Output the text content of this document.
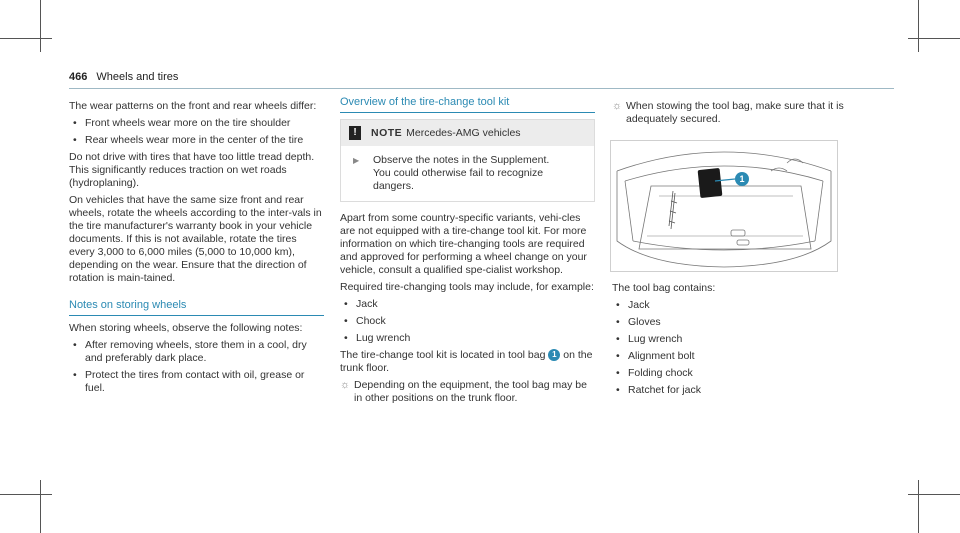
466 Wheels and tires

The wear patterns on the front and rear wheels differ:

• Front wheels wear more on the tire shoulder
• Rear wheels wear more in the center of the tire

Do not drive with tires that have too little tread depth. This significantly reduces traction on wet roads (hydroplaning).

On vehicles that have the same size front and rear wheels, rotate the wheels according to the inter-vals in the tire manufacturer's warranty book in your vehicle documents. If this is not available, rotate the tires every 3,000 to 6,000 miles (5,000 to 10,000 km), depending on the wear. Ensure that the direction of rotation is main-tained.

Notes on storing wheels

When storing wheels, observe the following notes:

• After removing wheels, store them in a cool, dry and preferably dark place.
• Protect the tires from contact with oil, grease or fuel.
Overview of the tire-change tool kit
!	NOTE Mercedes-AMG vehicles
▶ Observe the notes in the Supplement.
You could otherwise fail to recognize dangers.

Apart from some country-specific variants, vehi-cles are not equipped with a tire-change tool kit. For more information on which tire-changing tools are required and approved for performing a wheel change on your vehicle, consult a qualified spe-cialist workshop.

Required tire-changing tools may include, for example:

• Jack
• Chock
• Lug wrench

The tire-change tool kit is located in tool bag 1 on the trunk floor.

☼ Depending on the equipment, the tool bag may be in other positions on the trunk floor.
☼ When stowing the tool bag, make sure that it is adequately secured.
1

The tool bag contains:

• Jack
• Gloves
• Lug wrench
• Alignment bolt
• Folding chock
• Ratchet for jack
